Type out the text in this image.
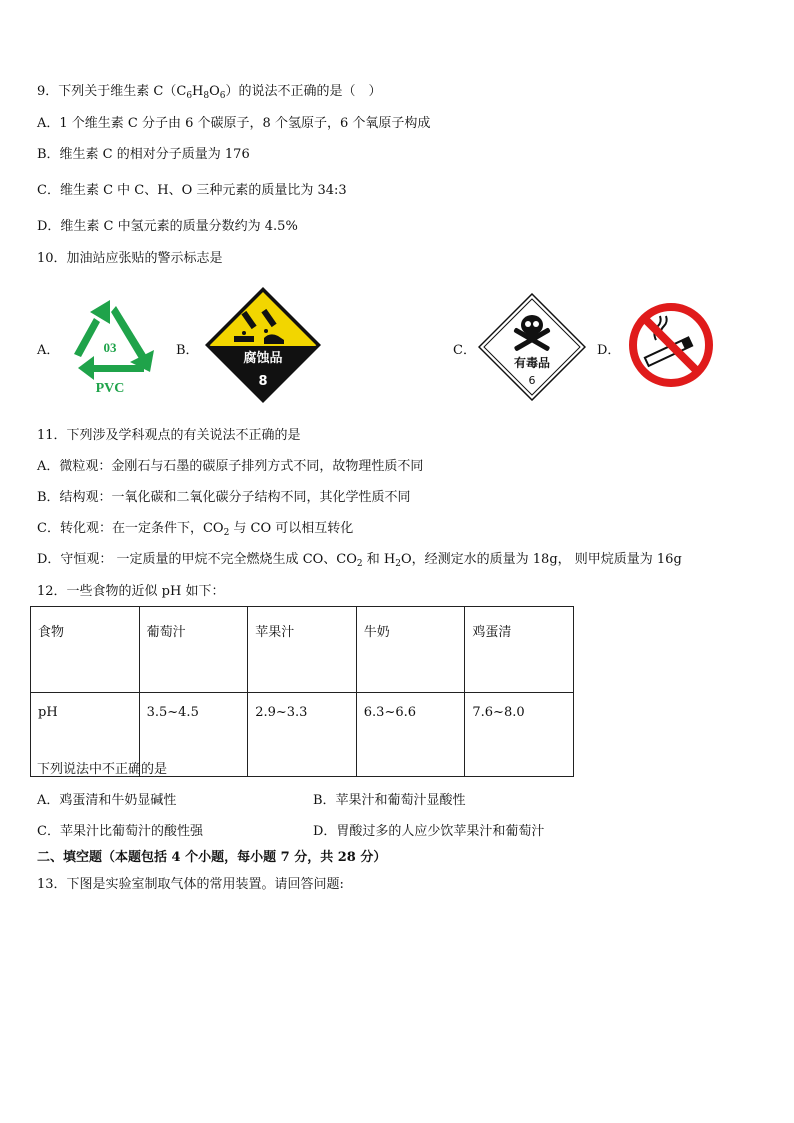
9．下列关于维生素 $C(C_6H_8O_6)$的说法不正确的是（　）
A．1 个维生素 C 分子由 6 个碳原子，8 个氢原子，6 个氧原子构成
B．维生素 C 的相对分子质量为 176
C．维生素 C 中 C、H、O 三种元素的质量比为 34:3
D．维生素 C 中氢元素的质量分数约为 4.5%
10．加油站应张贴的警示标志是
A．	B．	C．	D．
03
PVC
腐蚀品
8
有毒品
6
11．下列涉及学科观点的有关说法不正确的是
A．微粒观：金刚石与石墨的碳原子排列方式不同，故物理性质不同
B．结构观：一氧化碳和二氧化碳分子结构不同，其化学性质不同
C．转化观：在一定条件下，$CO_2$ 与 CO 可以相互转化
D．守恒观： 一定质量的甲烷不完全燃烧生成 CO、$CO_2$ 和 $H_2O$，经测定水的质量为 18g， 则甲烷质量为 16g
12．一些食物的近似 pH 如下：
食物	葡萄汁	苹果汁	牛奶	鸡蛋清
pH	3.5~4.5	2.9~3.3	6.3~6.6	7.6~8.0
下列说法中不正确的是
A．鸡蛋清和牛奶显碱性	B．苹果汁和葡萄汁显酸性
C．苹果汁比葡萄汁的酸性强	D．胃酸过多的人应少饮苹果汁和葡萄汁
二、填空题（本题包括 4 个小题，每小题 7 分，共 28 分）
13．下图是实验室制取气体的常用装置。请回答问题:
